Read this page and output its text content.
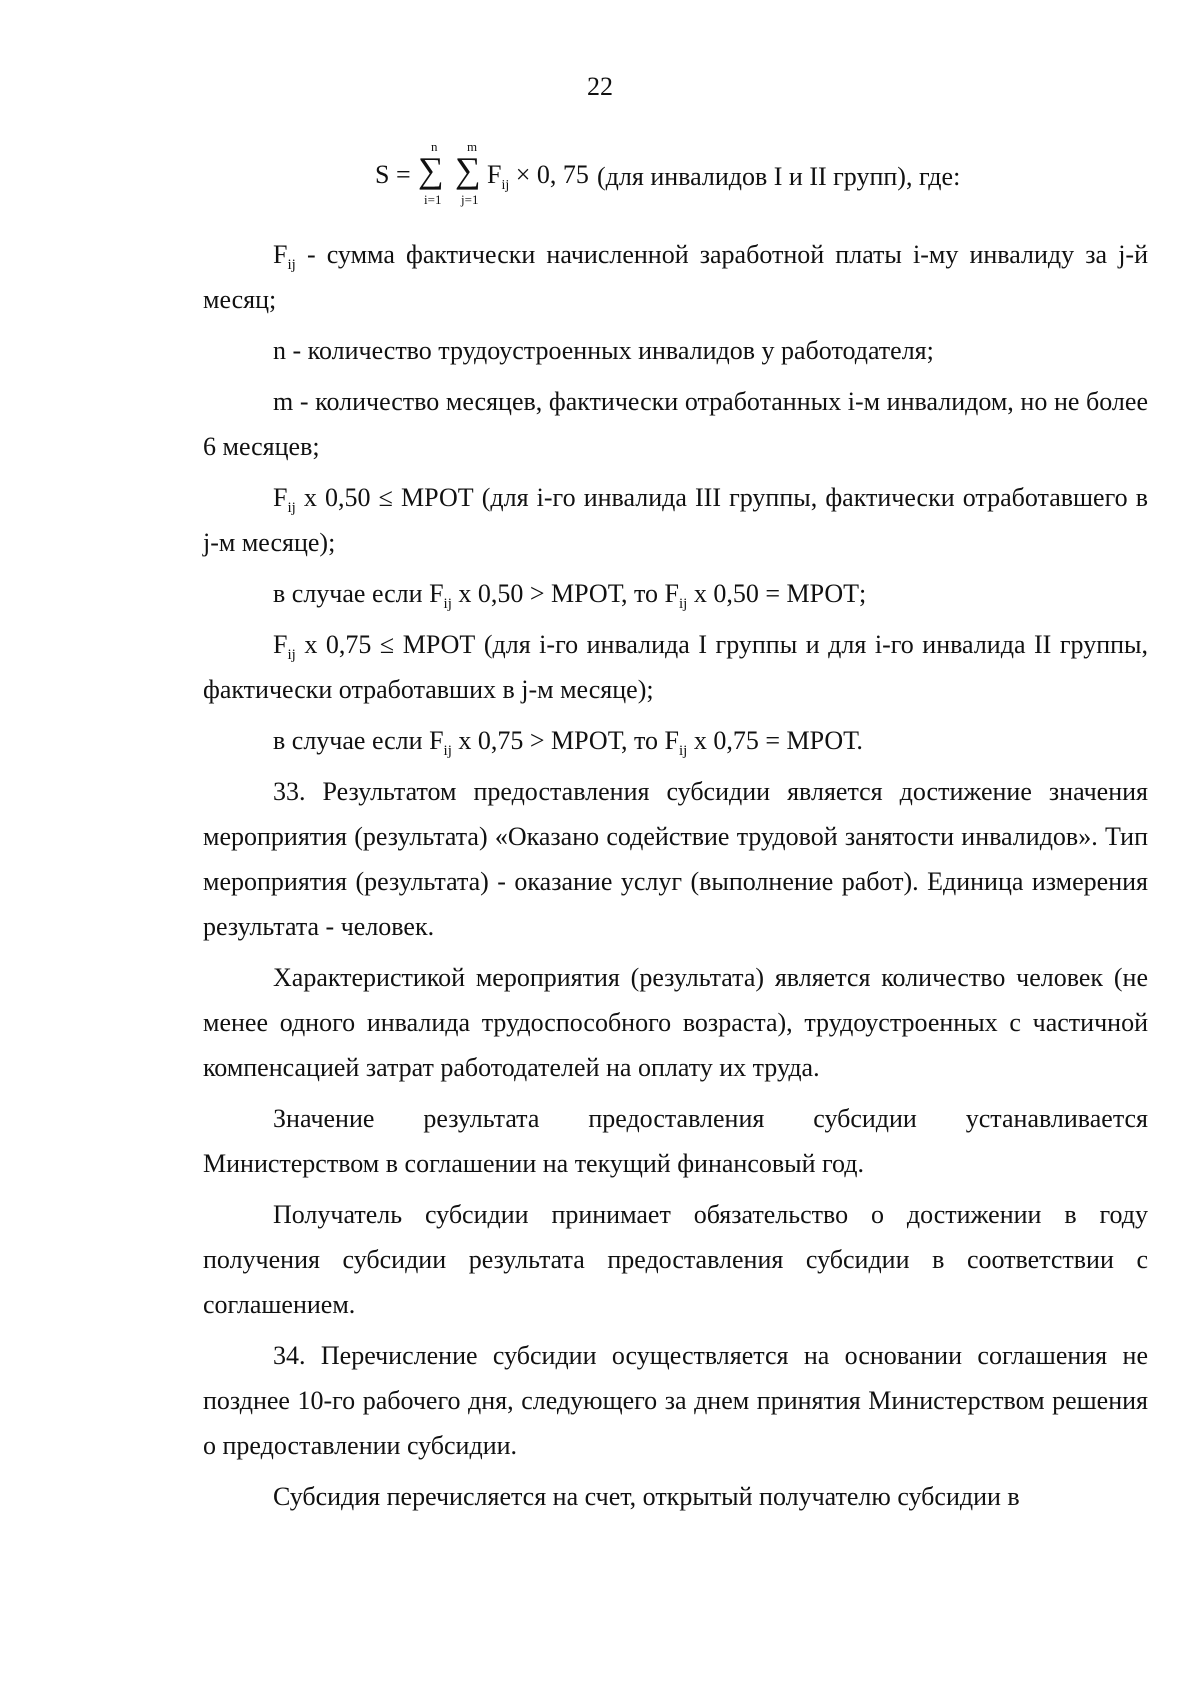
22
S =
n
∑
i=1
m
∑
j=1
$F_{ij} \times 0$, 75 (для инвалидов I и II групп), где:

$F_{ij}$ - сумма фактически начисленной заработной платы i-му инвалиду за j-й месяц;

n - количество трудоустроенных инвалидов у работодателя;

m - количество месяцев, фактически отработанных i-м инвалидом, но не более 6 месяцев;

$F_{ij}$ х 0,50 ≤ МРОТ (для i-го инвалида III группы, фактически отработавшего в j-м месяце);

в случае если $F_{ij}$ х 0,50 > МРОТ, то $F_{ij}$ х 0,50 = МРОТ;

$F_{ij}$ х 0,75 ≤ МРОТ (для i-го инвалида I группы и для i-го инвалида II группы, фактически отработавших в j-м месяце);

в случае если $F_{ij}$ х 0,75 > МРОТ, то $F_{ij}$ х 0,75 = МРОТ.

33. Результатом предоставления субсидии является достижение значения мероприятия (результата) «Оказано содействие трудовой занятости инвалидов». Тип мероприятия (результата) - оказание услуг (выполнение работ). Единица измерения результата - человек.

Характеристикой мероприятия (результата) является количество человек (не менее одного инвалида трудоспособного возраста), трудоустроенных с частичной компенсацией затрат работодателей на оплату их труда.

Значение результата предоставления субсидии устанавливается Министерством в соглашении на текущий финансовый год.

Получатель субсидии принимает обязательство о достижении в году получения субсидии результата предоставления субсидии в соответствии с соглашением.

34. Перечисление субсидии осуществляется на основании соглашения не позднее 10-го рабочего дня, следующего за днем принятия Министерством решения о предоставлении субсидии.

Субсидия перечисляется на счет, открытый получателю субсидии в
